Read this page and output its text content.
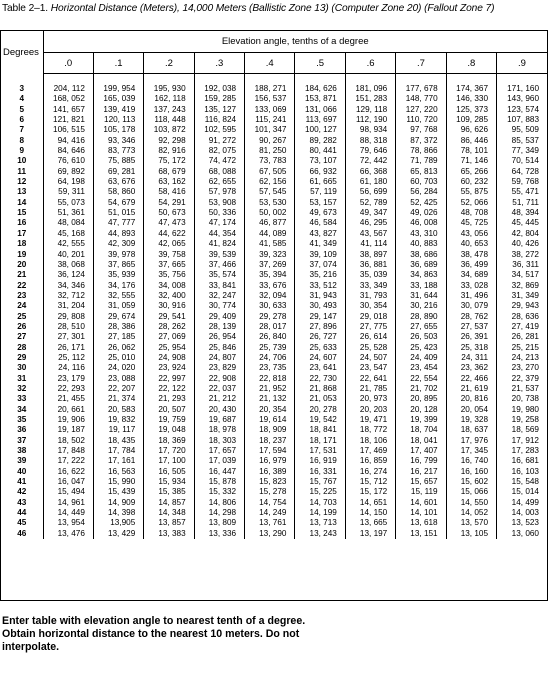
Table 2–1. Horizontal Distance (Meters), 14,000 Meters (Ballistic Zone 13) (Computer Zone 20) (Fallout Zone 7)
Degrees	Elevation angle, tenths of a degree									
	.0	.1	.2	.3	.4	.5	.6	.7	.8	.9

3	204, 112	199, 954	195, 930	192, 038	188, 271	184, 626	181, 096	177, 678	174, 367	171, 160
4	168, 052	165, 039	162, 118	159, 285	156, 537	153, 871	151, 283	148, 770	146, 330	143, 960
5	141, 657	139, 419	137, 243	135, 127	133, 069	131, 066	129, 118	127, 220	125, 373	123, 574
6	121, 821	120, 113	118, 448	116, 824	115, 241	113, 697	112, 190	110, 720	109, 285	107, 883
7	106, 515	105, 178	103, 872	102, 595	101, 347	100, 127	98, 934	97, 768	96, 626	95, 509
8	94, 416	93, 346	92, 298	91, 272	90, 267	89, 282	88, 318	87, 372	86, 446	85, 537
9	84, 646	83, 773	82, 916	82, 075	81, 250	80, 441	79, 646	78, 866	78, 101	77, 349
10	76, 610	75, 885	75, 172	74, 472	73, 783	73, 107	72, 442	71, 789	71, 146	70, 514
11	69, 892	69, 281	68, 679	68, 088	67, 505	66, 932	66, 368	65, 813	65, 266	64, 728
12	64, 198	63, 676	63, 162	62, 655	62, 156	61, 665	61, 180	60, 703	60, 232	59, 768
13	59, 311	58, 860	58, 416	57, 978	57, 545	57, 119	56, 699	56, 284	55, 875	55, 471
14	55, 073	54, 679	54, 291	53, 908	53, 530	53, 157	52, 789	52, 425	52, 066	51, 711
15	51, 361	51, 015	50, 673	50, 336	50, 002	49, 673	49, 347	49, 026	48, 708	48, 394
16	48, 084	47, 777	47, 473	47, 174	46, 877	46, 584	46, 295	46, 008	45, 725	45, 445
17	45, 168	44, 893	44, 622	44, 354	44, 089	43, 827	43, 567	43, 310	43, 056	42, 804
18	42, 555	42, 309	42, 065	41, 824	41, 585	41, 349	41, 114	40, 883	40, 653	40, 426
19	40, 201	39, 978	39, 758	39, 539	39, 323	39, 109	38, 897	38, 686	38, 478	38, 272
20	38, 068	37, 865	37, 665	37, 466	37, 269	37, 074	36, 881	36, 689	36, 499	36, 311
21	36, 124	35, 939	35, 756	35, 574	35, 394	35, 216	35, 039	34, 863	34, 689	34, 517
22	34, 346	34, 176	34, 008	33, 841	33, 676	33, 512	33, 349	33, 188	33, 028	32, 869
23	32, 712	32, 555	32, 400	32, 247	32, 094	31, 943	31, 793	31, 644	31, 496	31, 349
24	31, 204	31, 059	30, 916	30, 774	30, 633	30, 493	30, 354	30, 216	30, 079	29, 943
25	29, 808	29, 674	29, 541	29, 409	29, 278	29, 147	29, 018	28, 890	28, 762	28, 636
26	28, 510	28, 386	28, 262	28, 139	28, 017	27, 896	27, 775	27, 655	27, 537	27, 419
27	27, 301	27, 185	27, 069	26, 954	26, 840	26, 727	26, 614	26, 503	26, 391	26, 281
28	26, 171	26, 062	25, 954	25, 846	25, 739	25, 633	25, 528	25, 423	25, 318	25, 215
29	25, 112	25, 010	24, 908	24, 807	24, 706	24, 607	24, 507	24, 409	24, 311	24, 213
30	24, 116	24, 020	23, 924	23, 829	23, 735	23, 641	23, 547	23, 454	23, 362	23, 270
31	23, 179	23, 088	22, 997	22, 908	22, 818	22, 730	22, 641	22, 554	22, 466	22, 379
32	22, 293	22, 207	22, 122	22, 037	21, 952	21, 868	21, 785	21, 702	21, 619	21, 537
33	21, 455	21, 374	21, 293	21, 212	21, 132	21, 053	20, 973	20, 895	20, 816	20, 738
34	20, 661	20, 583	20, 507	20, 430	20, 354	20, 278	20, 203	20, 128	20, 054	19, 980
35	19, 906	19, 832	19, 759	19, 687	19, 614	19, 542	19, 471	19, 399	19, 328	19, 258
36	19, 187	19, 117	19, 048	18, 978	18, 909	18, 841	18, 772	18, 704	18, 637	18, 569
37	18, 502	18, 435	18, 369	18, 303	18, 237	18, 171	18, 106	18, 041	17, 976	17, 912
38	17, 848	17, 784	17, 720	17, 657	17, 594	17, 531	17, 469	17, 407	17, 345	17, 283
39	17, 222	17, 161	17, 100	17, 039	16, 979	16, 919	16, 859	16, 799	16, 740	16, 681
40	16, 622	16, 563	16, 505	16, 447	16, 389	16, 331	16, 274	16, 217	16, 160	16, 103
41	16, 047	15, 990	15, 934	15, 878	15, 823	15, 767	15, 712	15, 657	15, 602	15, 548
42	15, 494	15, 439	15, 385	15, 332	15, 278	15, 225	15, 172	15, 119	15, 066	15, 014
43	14, 961	14, 909	14, 857	14, 806	14, 754	14, 703	14, 651	14, 601	14, 550	14, 499
44	14, 449	14, 398	14, 348	14, 298	14, 249	14, 199	14, 150	14, 101	14, 052	14, 003
45	13, 954	13,905	13, 857	13, 809	13, 761	13, 713	13, 665	13, 618	13, 570	13, 523
46	13, 476	13, 429	13, 383	13, 336	13, 290	13, 243	13, 197	13, 151	13, 105	13, 060
Enter table with elevation angle to nearest tenth of a degree. Obtain horizontal distance to the nearest 10 meters. Do not interpolate.
